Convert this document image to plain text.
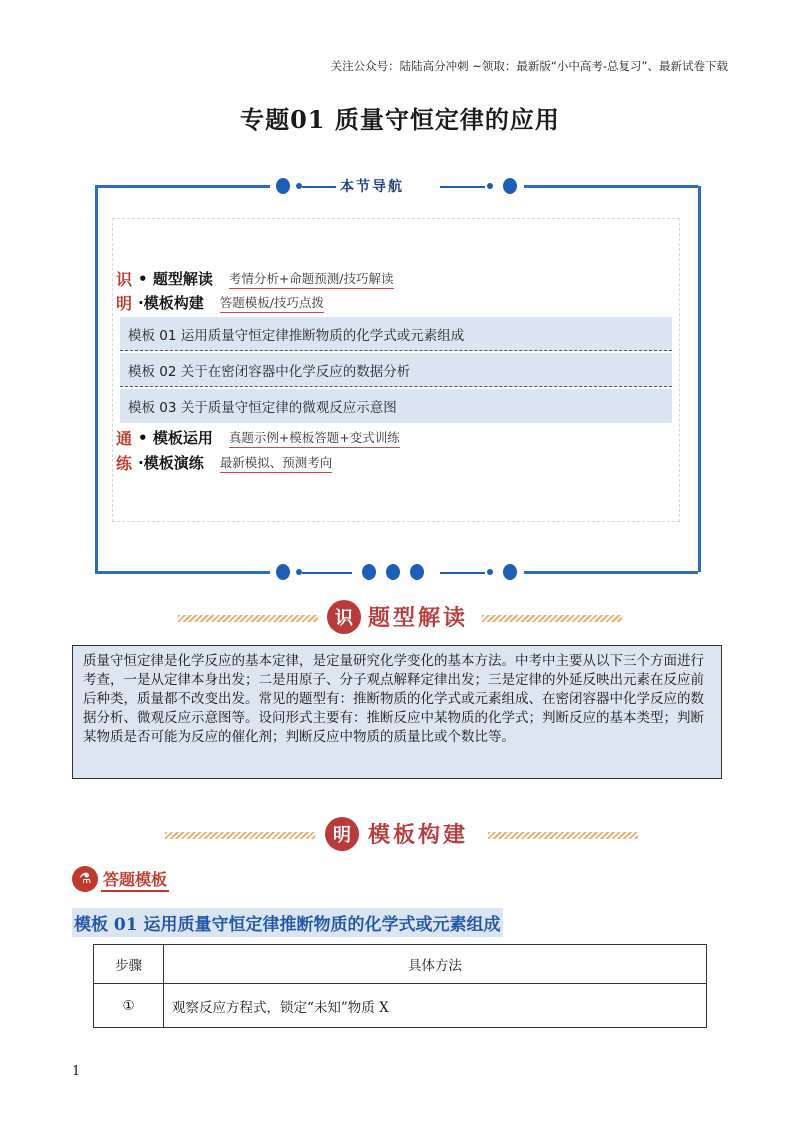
关注公众号：陆陆高分冲刺 ~领取：最新版“小中高考-总复习”、最新试卷下载
专题01 质量守恒定律的应用
本节导航
识 • 题型解读 考情分析+命题预测/技巧解读
明 ·模板构建 答题模板/技巧点拨
模板 01 运用质量守恒定律推断物质的化学式或元素组成
模板 02 关于在密闭容器中化学反应的数据分析
模板 03 关于质量守恒定律的微观反应示意图
通 • 模板运用 真题示例+模板答题+变式训练
练 ·模板演练 最新模拟、预测考向
识 题型解读
质量守恒定律是化学反应的基本定律，是定量研究化学变化的基本方法。中考中主要从以下三个方面进行考查，一是从定律本身出发；二是用原子、分子观点解释定律出发；三是定律的外延反映出元素在反应前后种类，质量都不改变出发。常见的题型有：推断物质的化学式或元素组成、在密闭容器中化学反应的数据分析、微观反应示意图等。设问形式主要有：推断反应中某物质的化学式；判断反应的基本类型；判断某物质是否可能为反应的催化剂；判断反应中物质的质量比或个数比等。
明 模板构建
⚗ 答题模板
模板 01 运用质量守恒定律推断物质的化学式或元素组成
步骤	具体方法
①	观察反应方程式，锁定“未知”物质 X
1
